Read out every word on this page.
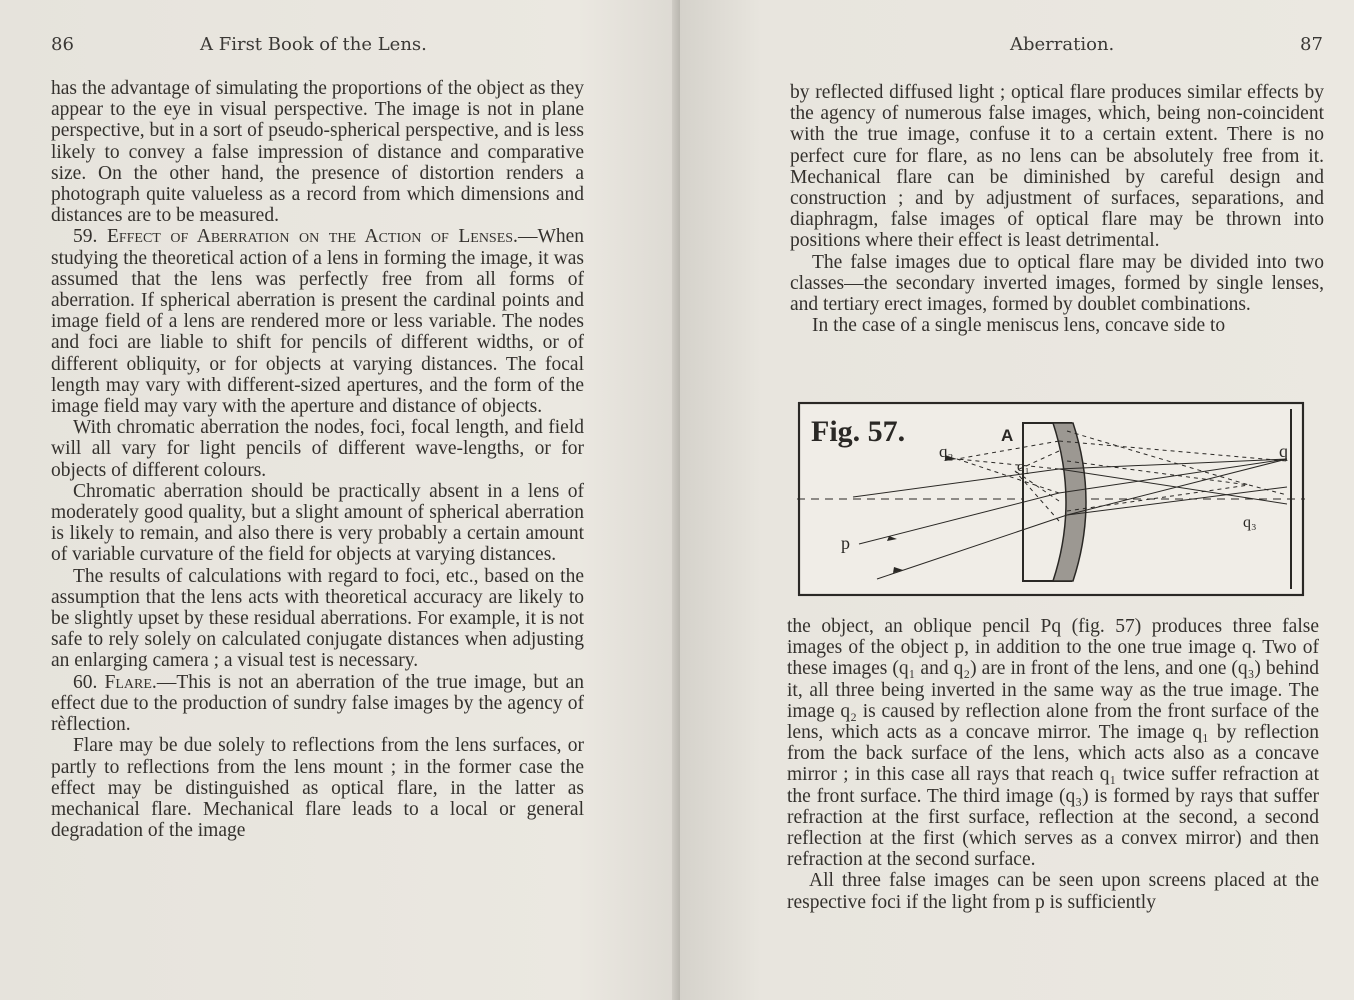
86	A First Book of the Lens.

has the advantage of simulating the proportions of the object as they appear to the eye in visual perspective. The image is not in plane perspective, but in a sort of pseudo-spherical perspective, and is less likely to convey a false impression of distance and comparative size. On the other hand, the presence of distortion renders a photograph quite valueless as a record from which dimensions and distances are to be measured.

59. Effect of Aberration on the Action of Lenses.—When studying the theoretical action of a lens in forming the image, it was assumed that the lens was perfectly free from all forms of aberration. If spherical aberration is present the cardinal points and image field of a lens are rendered more or less variable. The nodes and foci are liable to shift for pencils of different widths, or of different obliquity, or for objects at varying distances. The focal length may vary with different-sized apertures, and the form of the image field may vary with the aperture and distance of objects.

With chromatic aberration the nodes, foci, focal length, and field will all vary for light pencils of different wave-lengths, or for objects of different colours.

Chromatic aberration should be practically absent in a lens of moderately good quality, but a slight amount of spherical aberration is likely to remain, and also there is very probably a certain amount of variable curvature of the field for objects at varying distances.

The results of calculations with regard to foci, etc., based on the assumption that the lens acts with theoretical accuracy are likely to be slightly upset by these residual aberrations. For example, it is not safe to rely solely on calculated conjugate distances when adjusting an enlarging camera ; a visual test is necessary.

60. Flare.—This is not an aberration of the true image, but an effect due to the production of sundry false images by the agency of rèflection.

Flare may be due solely to reflections from the lens surfaces, or partly to reflections from the lens mount ; in the former case the effect may be distinguished as optical flare, in the latter as mechanical flare. Mechanical flare leads to a local or general degradation of the image

Aberration.	87

by reflected diffused light ; optical flare produces similar effects by the agency of numerous false images, which, being non-coincident with the true image, confuse it to a certain extent. There is no perfect cure for flare, as no lens can be absolutely free from it. Mechanical flare can be diminished by careful design and construction ; and by adjustment of surfaces, separations, and diaphragm, false images of optical flare may be thrown into positions where their effect is least detrimental.

The false images due to optical flare may be divided into two classes—the secondary inverted images, formed by single lenses, and tertiary erect images, formed by doublet combinations.

In the case of a single meniscus lens, concave side to

Fig. 57.	A
q
q₂
q₁
q₃
p

the object, an oblique pencil Pq (fig. 57) produces three false images of the object p, in addition to the one true image q. Two of these images (q₁ and q₂) are in front of the lens, and one (q₃) behind it, all three being inverted in the same way as the true image. The image q₂ is caused by reflection alone from the front surface of the lens, which acts as a concave mirror. The image q₁ by reflection from the back surface of the lens, which acts also as a concave mirror ; in this case all rays that reach q₁ twice suffer refraction at the front surface. The third image (q₃) is formed by rays that suffer refraction at the first surface, reflection at the second, a second reflection at the first (which serves as a convex mirror) and then refraction at the second surface.

All three false images can be seen upon screens placed at the respective foci if the light from p is sufficiently
